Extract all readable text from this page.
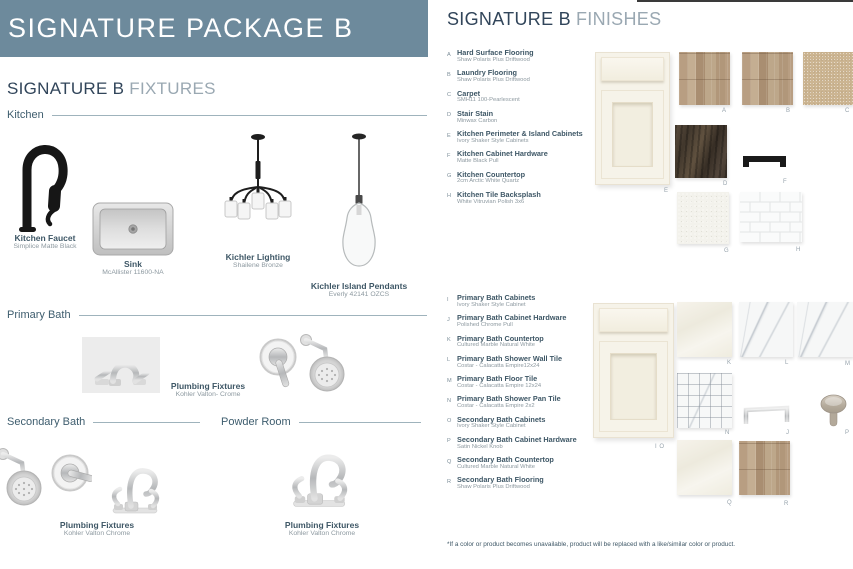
SIGNATURE PACKAGE B
SIGNATURE B FIXTURES
Kitchen
Kitchen Faucet
Simplice Matte Black
Sink
McAllister 11600-NA
Kichler Lighting
Shailene Bronze
Kichler Island Pendants
Everly 42141 OZCS
Primary Bath
Plumbing Fixtures
Kohler Valton- Crome
Secondary Bath	Powder Room
Plumbing Fixtures
Kohler Valton Chrome
Plumbing Fixtures
Kohler Valton Chrome
SIGNATURE B FINISHES
A Hard Surface Flooring
Shaw Polaris Plus Driftwood
B Laundry Flooring
Shaw Polaris Plus Driftwood
C Carpet
SMH11 100-Pearlescent
D Stair Stain
Minwax Carbon
E Kitchen Perimeter & Island Cabinets
Ivory Shaker Style Cabinets
F Kitchen Cabinet Hardware
Matte Black Pull
G Kitchen Countertop
2cm Arctic White Quartz
H Kitchen Tile Backsplash
White Vitruvian Polish 3x6
I	Primary Bath Cabinets
Ivory Shaker Style Cabinet
J Primary Bath Cabinet Hardware
Polished Chrome Pull
K Primary Bath Countertop
Cultured Marble Natural White
L Primary Bath Shower Wall Tile
Costar - Calacatta Empire12x24
M Primary Bath Floor Tile
Costar - Calacatta Empire 12x24
N Primary Bath Shower Pan Tile
Costar - Calacatta Empire 2x2
O Secondary Bath Cabinets
Ivory Shaker Style Cabinet
P Secondary Bath Cabinet Hardware
Satin Nickel Knob
Q Secondary Bath Countertop
Cultured Marble Natural White
R Secondary Bath Flooring
Shaw Polaris Plus Driftwood
E
A	B	C
D	F
G	H
I O
K	L	M
N	J	P
Q	R
*If a color or product becomes unavailable, product will be replaced with a like/similar color or product.
